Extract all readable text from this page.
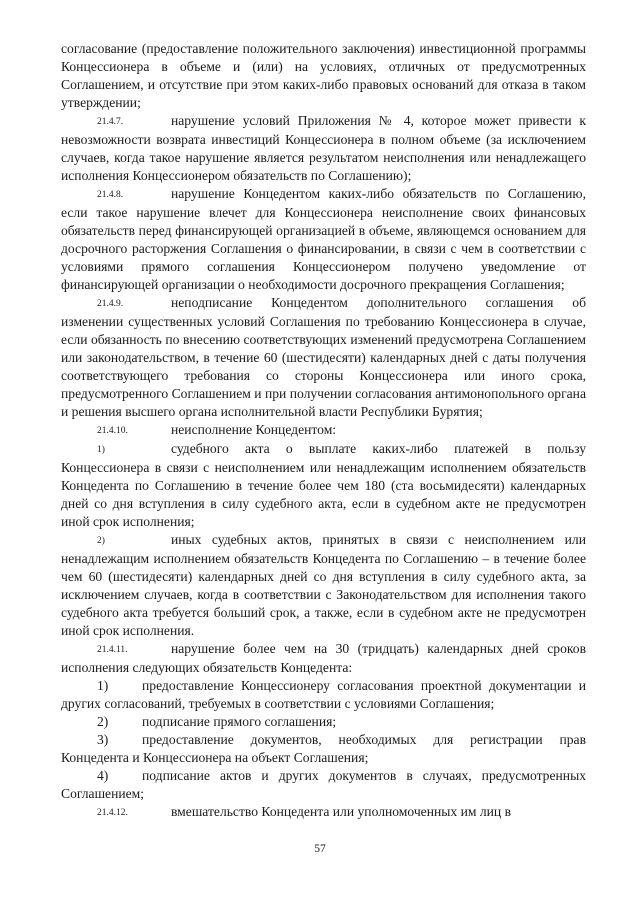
согласование (предоставление положительного заключения) инвестиционной программы Концессионера в объеме и (или) на условиях, отличных от предусмотренных Соглашением, и отсутствие при этом каких-либо правовых оснований для отказа в таком утверждении;

21.4.7.	нарушение условий Приложения № 4, которое может привести к невозможности возврата инвестиций Концессионера в полном объеме (за исключением случаев, когда такое нарушение является результатом неисполнения или ненадлежащего исполнения Концессионером обязательств по Соглашению);

21.4.8.	нарушение Концедентом каких-либо обязательств по Соглашению, если такое нарушение влечет для Концессионера неисполнение своих финансовых обязательств перед финансирующей организацией в объеме, являющемся основанием для досрочного расторжения Соглашения о финансировании, в связи с чем в соответствии с условиями прямого соглашения Концессионером получено уведомление от финансирующей организации о необходимости досрочного прекращения Соглашения;

21.4.9.	неподписание Концедентом дополнительного соглашения об изменении существенных условий Соглашения по требованию Концессионера в случае, если обязанность по внесению соответствующих изменений предусмотрена Соглашением или законодательством, в течение 60 (шестидесяти) календарных дней с даты получения соответствующего требования со стороны Концессионера или иного срока, предусмотренного Соглашением и при получении согласования антимонопольного органа и решения высшего органа исполнительной власти Республики Бурятия;

21.4.10.	неисполнение Концедентом:

1)	судебного акта о выплате каких-либо платежей в пользу Концессионера в связи с неисполнением или ненадлежащим исполнением обязательств Концедента по Соглашению в течение более чем 180 (ста восьмидесяти) календарных дней со дня вступления в силу судебного акта, если в судебном акте не предусмотрен иной срок исполнения;

2)	иных судебных актов, принятых в связи с неисполнением или ненадлежащим исполнением обязательств Концедента по Соглашению – в течение более чем 60 (шестидесяти) календарных дней со дня вступления в силу судебного акта, за исключением случаев, когда в соответствии с Законодательством для исполнения такого судебного акта требуется больший срок, а также, если в судебном акте не предусмотрен иной срок исполнения.

21.4.11.	нарушение более чем на 30 (тридцать) календарных дней сроков исполнения следующих обязательств Концедента:

1) предоставление Концессионеру согласования проектной документации и других согласований, требуемых в соответствии с условиями Соглашения;

2) подписание прямого соглашения;

3) предоставление документов, необходимых для регистрации прав Концедента и Концессионера на объект Соглашения;

4) подписание актов и других документов в случаях, предусмотренных Соглашением;

21.4.12.	вмешательство Концедента или уполномоченных им лиц в

57
